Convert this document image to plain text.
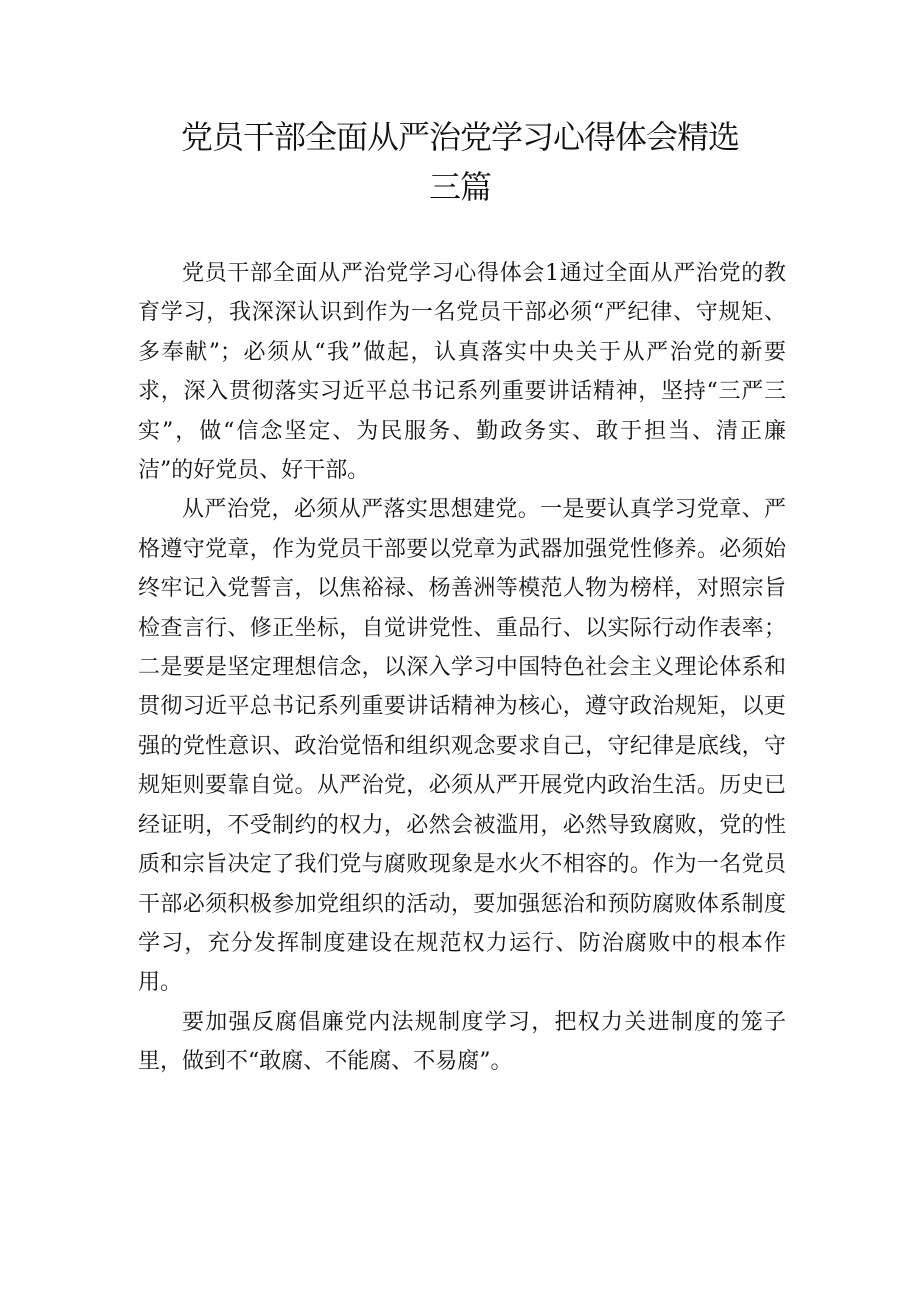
党员干部全面从严治党学习心得体会精选
三篇

党员干部全面从严治党学习心得体会1通过全面从严治党的教育学习，我深深认识到作为一名党员干部必须“严纪律、守规矩、多奉献”；必须从“我”做起，认真落实中央关于从严治党的新要求，深入贯彻落实习近平总书记系列重要讲话精神，坚持“三严三实”，做“信念坚定、为民服务、勤政务实、敢于担当、清正廉洁”的好党员、好干部。

从严治党，必须从严落实思想建党。一是要认真学习党章、严格遵守党章，作为党员干部要以党章为武器加强党性修养。必须始终牢记入党誓言，以焦裕禄、杨善洲等模范人物为榜样，对照宗旨检查言行、修正坐标，自觉讲党性、重品行、以实际行动作表率；二是要是坚定理想信念，以深入学习中国特色社会主义理论体系和贯彻习近平总书记系列重要讲话精神为核心，遵守政治规矩，以更强的党性意识、政治觉悟和组织观念要求自己，守纪律是底线，守规矩则要靠自觉。从严治党，必须从严开展党内政治生活。历史已经证明，不受制约的权力，必然会被滥用，必然导致腐败，党的性质和宗旨决定了我们党与腐败现象是水火不相容的。作为一名党员干部必须积极参加党组织的活动，要加强惩治和预防腐败体系制度学习，充分发挥制度建设在规范权力运行、防治腐败中的根本作用。

要加强反腐倡廉党内法规制度学习，把权力关进制度的笼子里，做到不“敢腐、不能腐、不易腐”。
